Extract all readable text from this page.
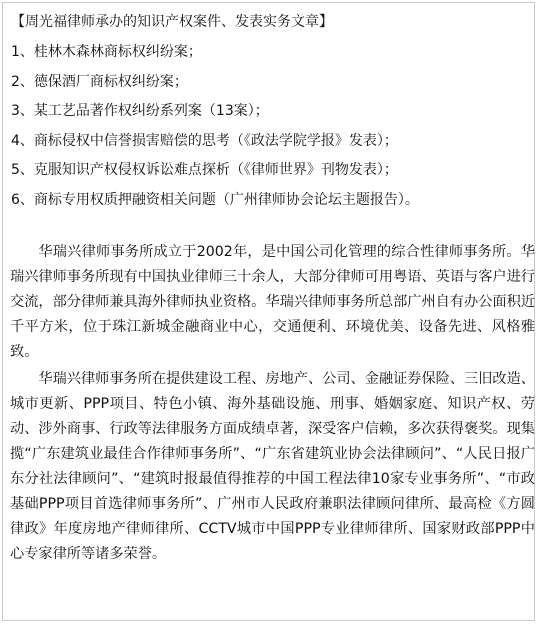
【周光福律师承办的知识产权案件、发表实务文章】
1、桂林木森林商标权纠纷案；
2、德保酒厂商标权纠纷案；
3、某工艺品著作权纠纷系列案（13案）；
4、商标侵权中信誉损害赔偿的思考（《政法学院学报》发表）；
5、克服知识产权侵权诉讼难点探析（《律师世界》刊物发表）；
6、商标专用权质押融资相关问题（广州律师协会论坛主题报告）。

华瑞兴律师事务所成立于2002年，是中国公司化管理的综合性律师事务所。华瑞兴律师事务所现有中国执业律师三十余人，大部分律师可用粤语、英语与客户进行交流，部分律师兼具海外律师执业资格。华瑞兴律师事务所总部广州自有办公面积近千平方米，位于珠江新城金融商业中心，交通便利、环境优美、设备先进、风格雅致。

华瑞兴律师事务所在提供建设工程、房地产、公司、金融证券保险、三旧改造、城市更新、PPP项目、特色小镇、海外基础设施、刑事、婚姻家庭、知识产权、劳动、涉外商事、行政等法律服务方面成绩卓著，深受客户信赖，多次获得褒奖。现集揽“广东建筑业最佳合作律师事务所”、“广东省建筑业协会法律顾问”、“人民日报广东分社法律顾问”、“建筑时报最值得推荐的中国工程法律10家专业事务所”、“市政基础PPP项目首选律师事务所”、广州市人民政府兼职法律顾问律所、最高检《方圆律政》年度房地产律师律所、CCTV城市中国PPP专业律师律所、国家财政部PPP中心专家律所等诸多荣誉。
